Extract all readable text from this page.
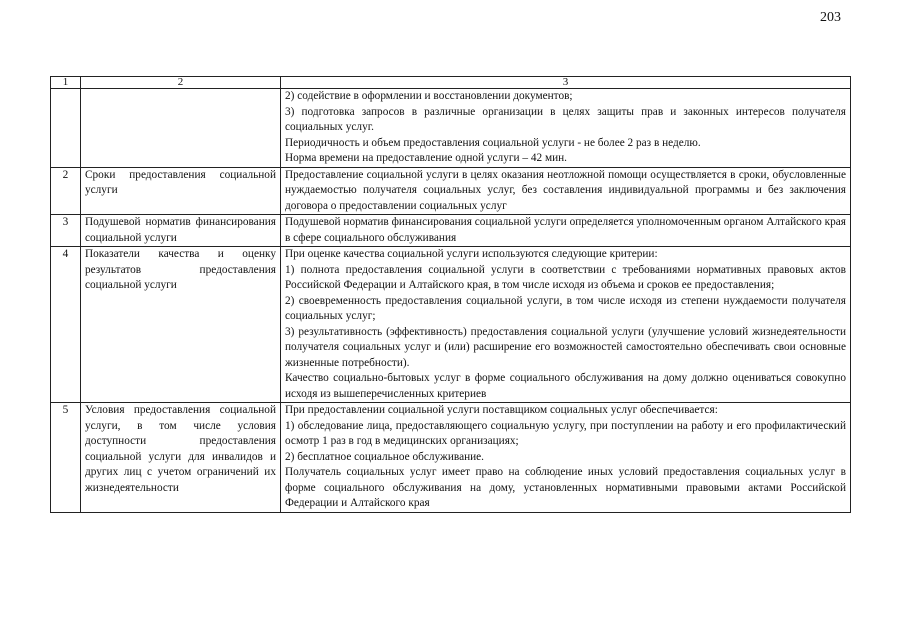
203
1	2	3

		2) содействие в оформлении и восстановлении документов;
3) подготовка запросов в различные организации в целях защиты прав и законных интересов получателя социальных услуг.
Периодичность и объем предоставления социальной услуги - не более 2 раз в неделю.
Норма времени на предоставление одной услуги – 42 мин.

2	Сроки предоставления социальной услуги	Предоставление социальной услуги в целях оказания неотложной помощи осуществляется в сроки, обусловленные нуждаемостью получателя социальных услуг, без составления индивидуальной программы и без заключения договора о предоставлении социальных услуг

3	Подушевой норматив финансирования социальной услуги	Подушевой норматив финансирования социальной услуги определяется уполномоченным органом Алтайского края в сфере социального обслуживания

4	Показатели качества и оценку результатов предоставления социальной услуги	При оценке качества социальной услуги используются следующие критерии:
1) полнота предоставления социальной услуги в соответствии с требованиями нормативных правовых актов Российской Федерации и Алтайского края, в том числе исходя из объема и сроков ее предоставления;
2) своевременность предоставления социальной услуги, в том числе исходя из степени нуждаемости получателя социальных услуг;
3) результативность (эффективность) предоставления социальной услуги (улучшение условий жизнедеятельности получателя социальных услуг и (или) расширение его возможностей самостоятельно обеспечивать свои основные жизненные потребности).
Качество социально-бытовых услуг в форме социального обслуживания на дому должно оцениваться совокупно исходя из вышеперечисленных критериев

5	Условия предоставления социальной услуги, в том числе условия доступности предоставления социальной услуги для инвалидов и других лиц с учетом ограничений их жизнедеятельности	При предоставлении социальной услуги поставщиком социальных услуг обеспечивается:
1) обследование лица, предоставляющего социальную услугу, при поступлении на работу и его профилактический осмотр 1 раз в год в медицинских организациях;
2) бесплатное социальное обслуживание.
Получатель социальных услуг имеет право на соблюдение иных условий предоставления социальных услуг в форме социального обслуживания на дому, установленных нормативными правовыми актами Российской Федерации и Алтайского края
